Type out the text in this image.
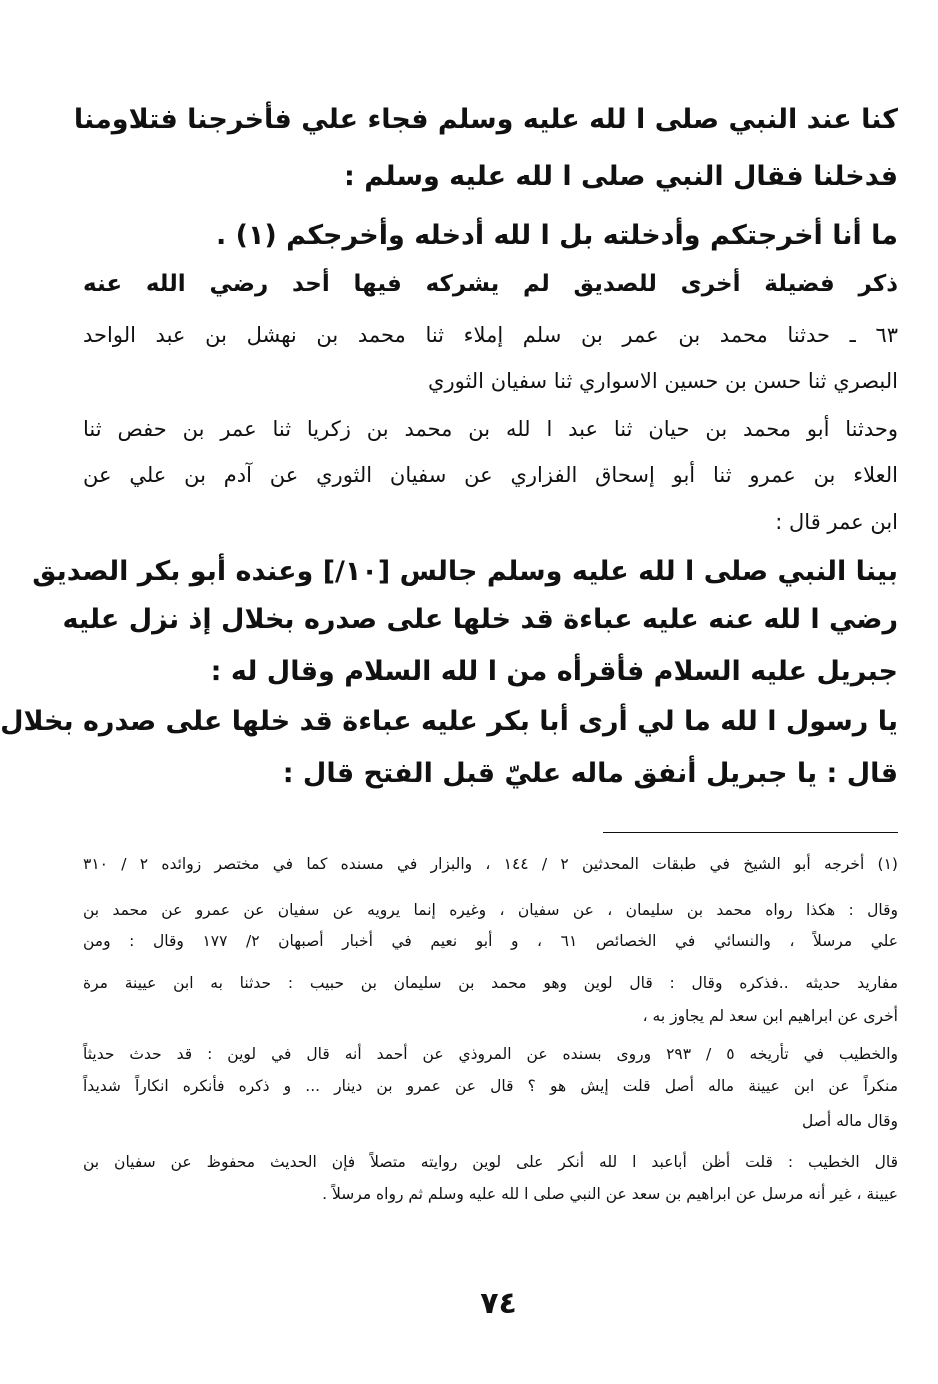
كنا عند النبي صلى ا لله عليه وسلم فجاء علي فأخرجنا فتلاومنا
فدخلنا فقال النبي صلى ا لله عليه وسلم :
ما أنا أخرجتكم وأدخلته بل ا لله أدخله وأخرجكم (١) .
ذكر فضيلة أخرى للصديق لم يشركه فيها أحد رضي الله عنه
٦٣ ـ حدثنا محمد بن عمر بن سلم إملاء ثنا محمد بن نهشل بن عبد الواحد
البصري ثنا حسن بن حسين الاسواري ثنا سفيان الثوري
وحدثنا أبو محمد بن حيان ثنا عبد ا لله بن محمد بن زكريا ثنا عمر بن حفص ثنا
العلاء بن عمرو ثنا أبو إسحاق الفزاري عن سفيان الثوري عن آدم بن علي عن
ابن عمر قال :
بينا النبي صلى ا لله عليه وسلم جالس [١٠/] وعنده أبو بكر الصديق
رضي ا لله عنه عليه عباءة قد خلها على صدره بخلال إذ نزل عليه
جبريل عليه السلام فأقرأه من ا لله السلام وقال له :
يا رسول ا لله ما لي أرى أبا بكر عليه عباءة قد خلها على صدره بخلال
قال : يا جبريل أنفق ماله عليّ قبل الفتح قال :
(١) أخرجه أبو الشيخ في طبقات المحدثين ٢ / ١٤٤ ، والبزار في مسنده كما في مختصر زوائده ٢ / ٣١٠
وقال : هكذا رواه محمد بن سليمان ، عن سفيان ، وغيره إنما يرويه عن سفيان عن عمرو عن محمد بن
علي مرسلاً ، والنسائي في الخصائص ٦١ ، و أبو نعيم في أخبار أصبهان ٢/ ١٧٧ وقال : ومن
مفاريد حديثه ..فذكره وقال : قال لوين وهو محمد بن سليمان بن حبيب : حدثنا به ابن عيينة مرة
أخرى عن ابراهيم ابن سعد لم يجاوز به ،
والخطيب في تأريخه ٥ / ٢٩٣ وروى بسنده عن المروذي عن أحمد أنه قال في لوين : قد حدث حديثاً
منكراً عن ابن عيينة ماله أصل قلت إيش هو ؟ قال عن عمرو بن دينار ... و ذكره فأنكره انكاراً شديداً
وقال ماله أصل
قال الخطيب : قلت أظن أباعبد ا لله أنكر على لوين روايته متصلاً فإن الحديث محفوظ عن سفيان بن
عيينة ، غير أنه مرسل عن ابراهيم بن سعد عن النبي صلى ا لله عليه وسلم ثم رواه مرسلاً .
٧٤
